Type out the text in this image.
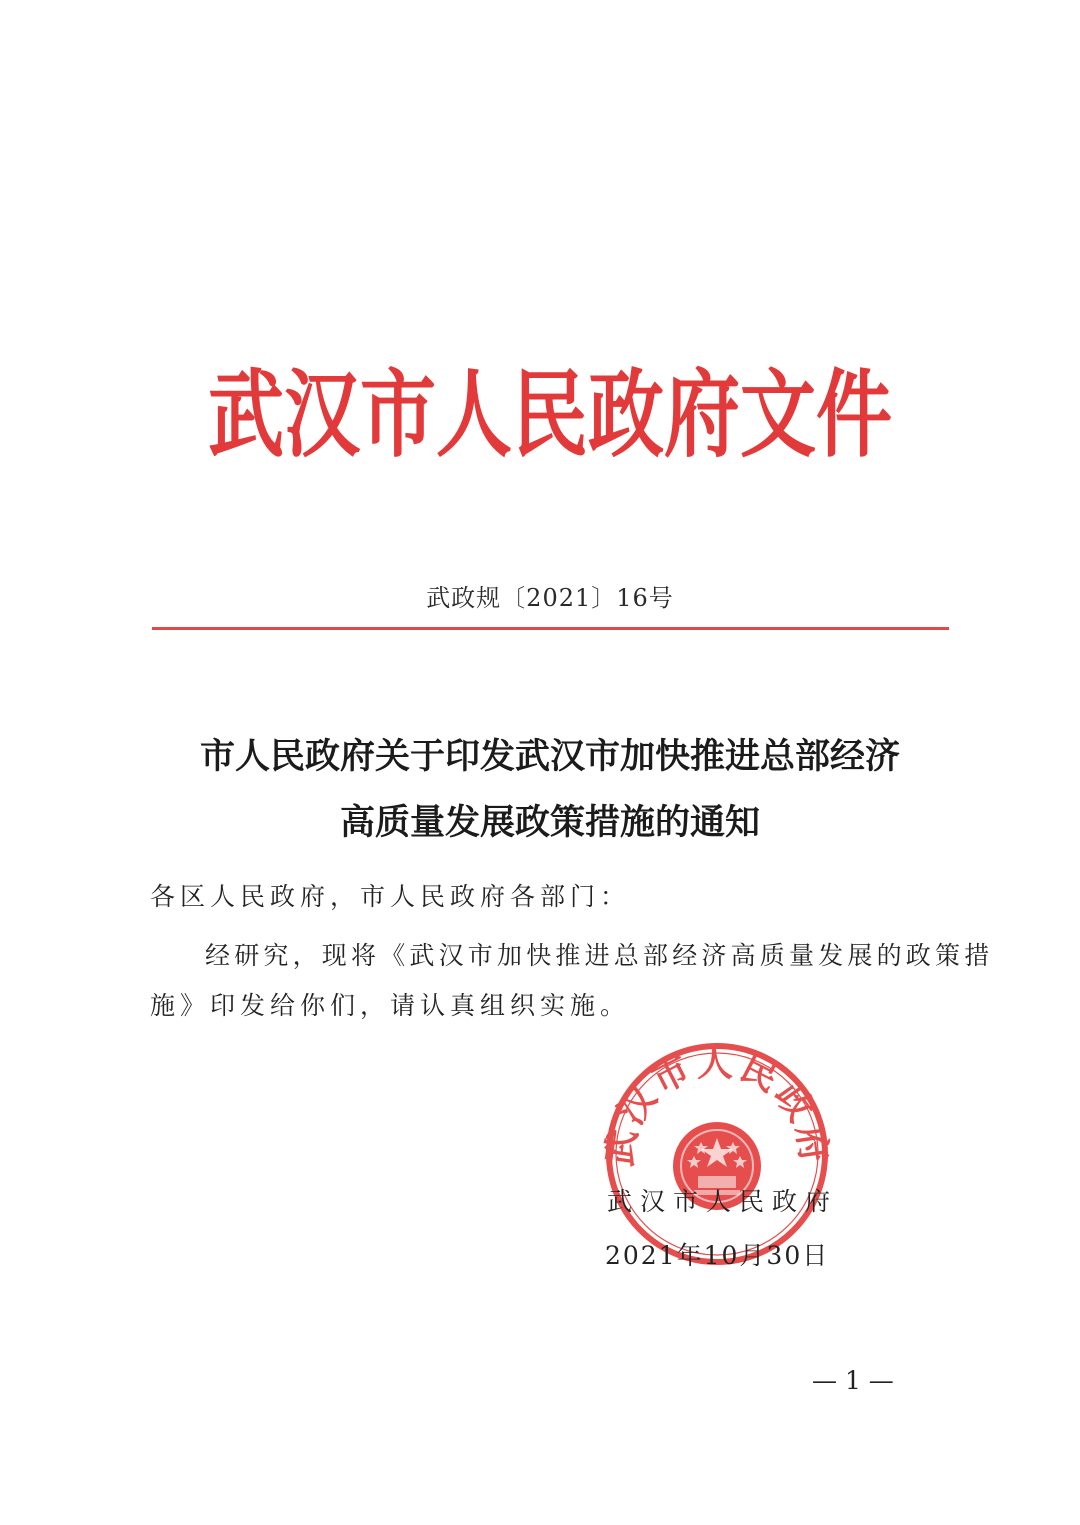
武汉市人民政府文件
武政规〔2021〕16号
市人民政府关于印发武汉市加快推进总部经济
高质量发展政策措施的通知
各区人民政府，市人民政府各部门：
经研究，现将《武汉市加快推进总部经济高质量发展的政策措
施》印发给你们，请认真组织实施。
武汉市人民政府
武汉市人民政府
2021年10月30日
— 1 —
